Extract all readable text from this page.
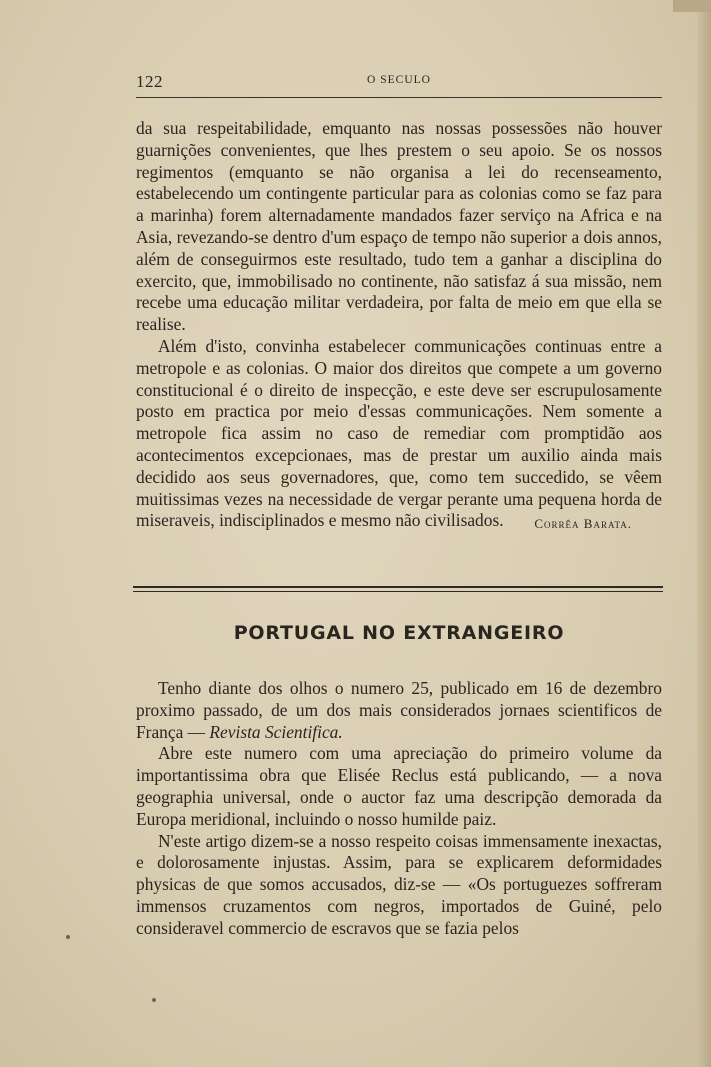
122	O SECULO

da sua respeitabilidade, emquanto nas nossas possessões não houver guarnições convenientes, que lhes prestem o seu apoio. Se os nossos regimentos (emquanto se não organisa a lei do recenseamento, estabelecendo um contingente particular para as colonias como se faz para a marinha) forem alternadamente mandados fazer serviço na Africa e na Asia, revezando-se dentro d'um espaço de tempo não superior a dois annos, além de conseguirmos este resultado, tudo tem a ganhar a disciplina do exercito, que, immobilisado no continente, não satisfaz á sua missão, nem recebe uma educação militar verdadeira, por falta de meio em que ella se realise.

Além d'isto, convinha estabelecer communicações continuas entre a metropole e as colonias. O maior dos direitos que compete a um governo constitucional é o direito de inspecção, e este deve ser escrupulosamente posto em practica por meio d'essas communicações. Nem somente a metropole fica assim no caso de remediar com promptidão aos acontecimentos excepcionaes, mas de prestar um auxilio ainda mais decidido aos seus governadores, que, como tem succedido, se vêem muitissimas vezes na necessidade de vergar perante uma pequena horda de miseraveis, indisciplinados e mesmo não civilisados.	Corrêa Barata.

PORTUGAL NO EXTRANGEIRO

Tenho diante dos olhos o numero 25, publicado em 16 de dezembro proximo passado, de um dos mais considerados jornaes scientificos de França — Revista Scientifica.

Abre este numero com uma apreciação do primeiro volume da importantissima obra que Elisée Reclus está publicando, — a nova geographia universal, onde o auctor faz uma descripção demorada da Europa meridional, incluindo o nosso humilde paiz.

N'este artigo dizem-se a nosso respeito coisas immensamente inexactas, e dolorosamente injustas. Assim, para se explicarem deformidades physicas de que somos accusados, diz-se — «Os portuguezes soffreram immensos cruzamentos com negros, importados de Guiné, pelo consideravel commercio de escravos que se fazia pelos
